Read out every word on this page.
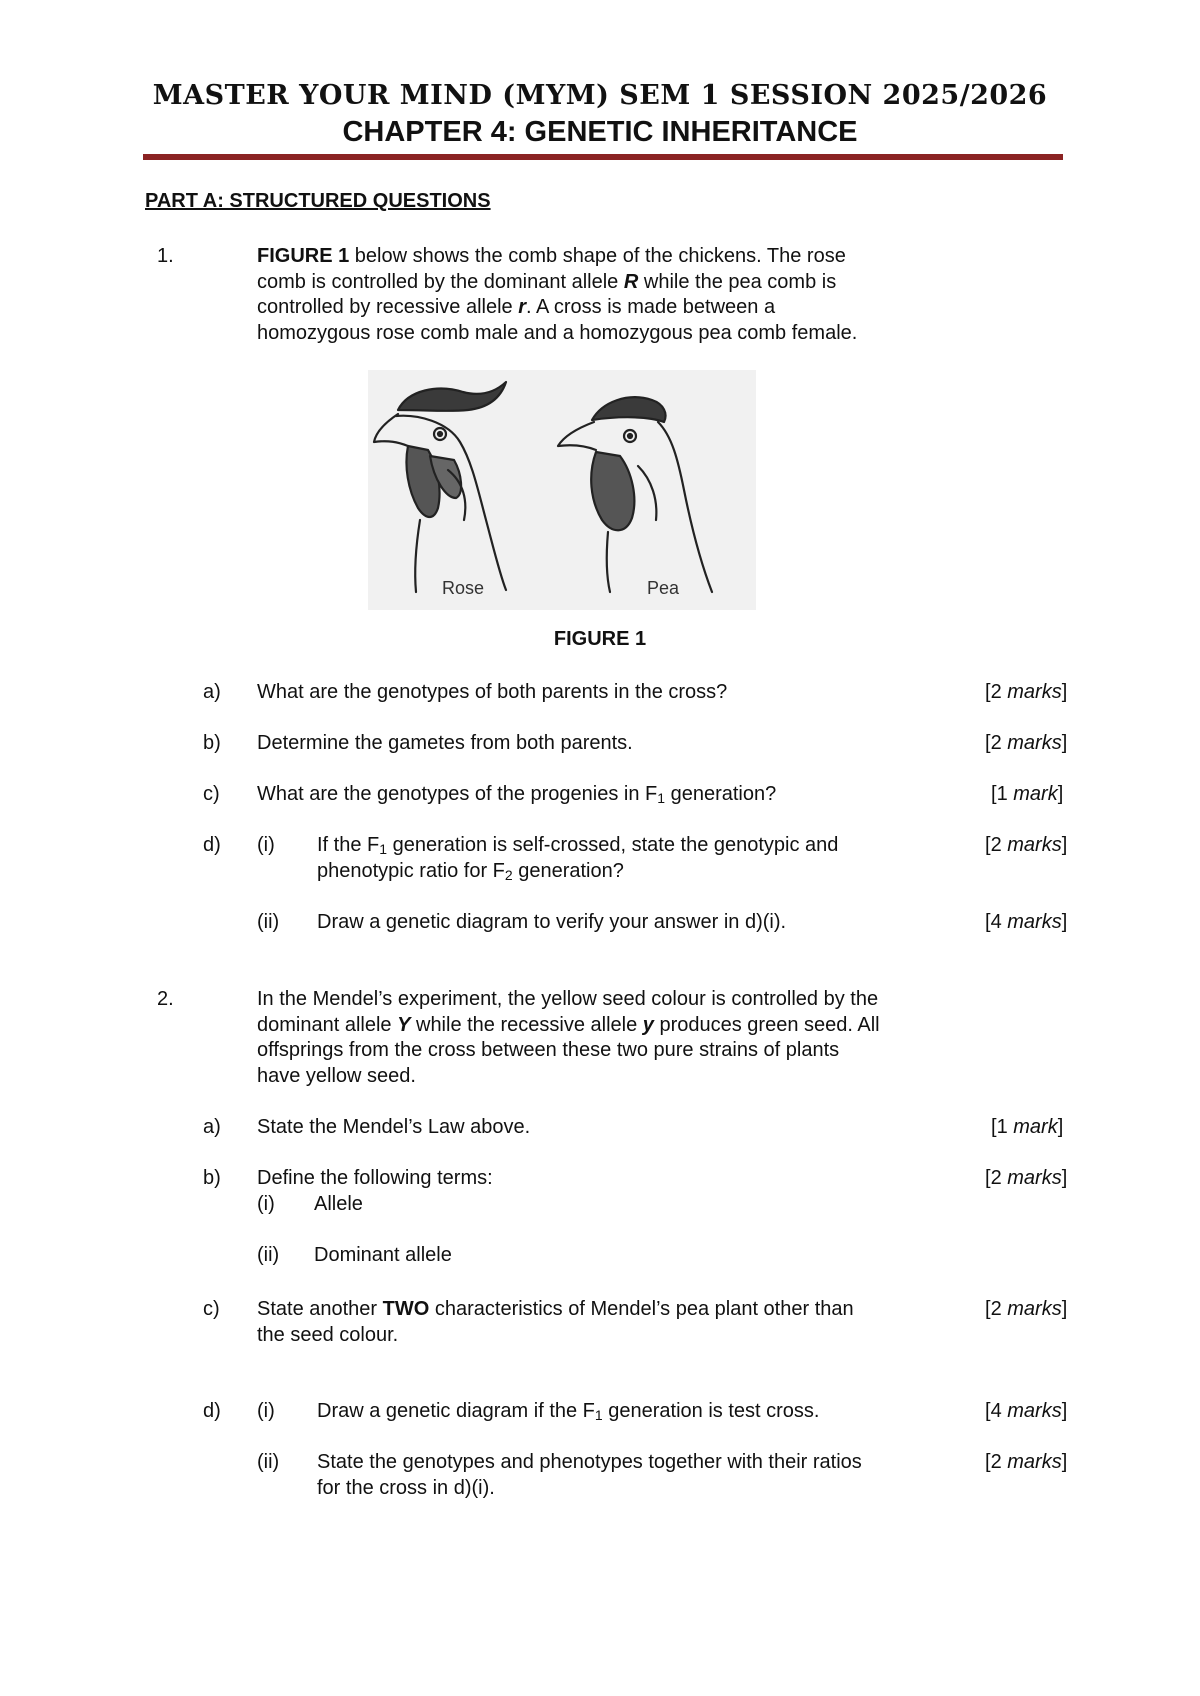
MASTER YOUR MIND (MYM) SEM 1 SESSION 2025/2026
CHAPTER 4: GENETIC INHERITANCE
PART A: STRUCTURED QUESTIONS
1.	FIGURE 1 below shows the comb shape of the chickens. The rose
comb is controlled by the dominant allele R while the pea comb is
controlled by recessive allele r. A cross is made between a
homozygous rose comb male and a homozygous pea comb female.
Rose	Pea
FIGURE 1
a) What are the genotypes of both parents in the cross?	[2 marks]
b) Determine the gametes from both parents.	[2 marks]
c) What are the genotypes of the progenies in $F_1$ generation?	[1 mark]
d) (i) If the $F_1$ generation is self-crossed, state the genotypic and
phenotypic ratio for $F_2$ generation?
[2 marks]
(ii) Draw a genetic diagram to verify your answer in d)(i).	[4 marks]
2.	In the Mendel’s experiment, the yellow seed colour is controlled by the
dominant allele Y while the recessive allele y produces green seed. All
offsprings from the cross between these two pure strains of plants
have yellow seed.
a) State the Mendel’s Law above.	[1 mark]
b) Define the following terms:	[2 marks]
(i) Allele
(ii) Dominant allele
c) State another TWO characteristics of Mendel’s pea plant other than
the seed colour.
[2 marks]
d) (i) Draw a genetic diagram if the $F_1$ generation is test cross.	[4 marks]
(ii) State the genotypes and phenotypes together with their ratios
for the cross in d)(i).
[2 marks]
